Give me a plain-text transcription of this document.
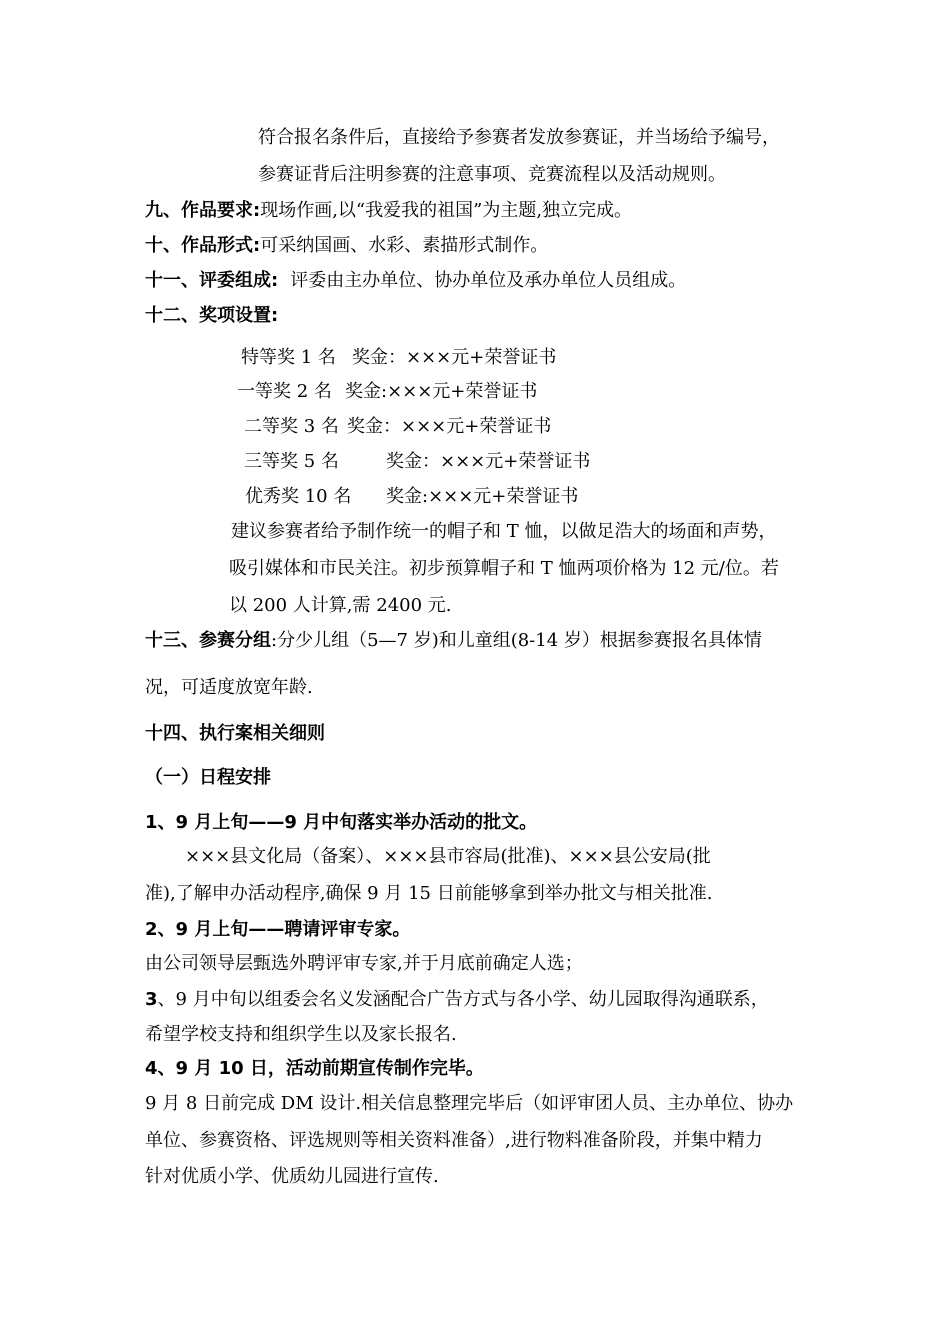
符合报名条件后，直接给予参赛者发放参赛证，并当场给予编号，
参赛证背后注明参赛的注意事项、竞赛流程以及活动规则。
九、作品要求:现场作画,以“我爱我的祖国”为主题,独立完成。
十、作品形式:可采纳国画、水彩、素描形式制作。
十一、评委组成: 评委由主办单位、协办单位及承办单位人员组成。
十二、奖项设置:
特等奖 1 名 奖金：×××元+荣誉证书
一等奖 2 名 奖金:×××元+荣誉证书
二等奖 3 名 奖金：×××元+荣誉证书
三等奖 5 名	奖金：×××元+荣誉证书
优秀奖 10 名 奖金:×××元+荣誉证书
建议参赛者给予制作统一的帽子和 T 恤，以做足浩大的场面和声势，
吸引媒体和市民关注。初步预算帽子和 T 恤两项价格为 12 元/位。若
以 200 人计算,需 2400 元.
十三、参赛分组:分少儿组（5—7 岁)和儿童组(8-14 岁）根据参赛报名具体情
况，可适度放宽年龄.
十四、执行案相关细则
（一）日程安排
1、9 月上旬——9 月中旬落实举办活动的批文。
×××县文化局（备案）、×××县市容局(批准)、×××县公安局(批
准),了解申办活动程序,确保 9 月 15 日前能够拿到举办批文与相关批准.
2、9 月上旬——聘请评审专家。
由公司领导层甄选外聘评审专家,并于月底前确定人选；
3、9 月中旬以组委会名义发涵配合广告方式与各小学、幼儿园取得沟通联系，
希望学校支持和组织学生以及家长报名.
4、9 月 10 日，活动前期宣传制作完毕。
9 月 8 日前完成 DM 设计.相关信息整理完毕后（如评审团人员、主办单位、协办
单位、参赛资格、评选规则等相关资料准备）,进行物料准备阶段，并集中精力
针对优质小学、优质幼儿园进行宣传.
